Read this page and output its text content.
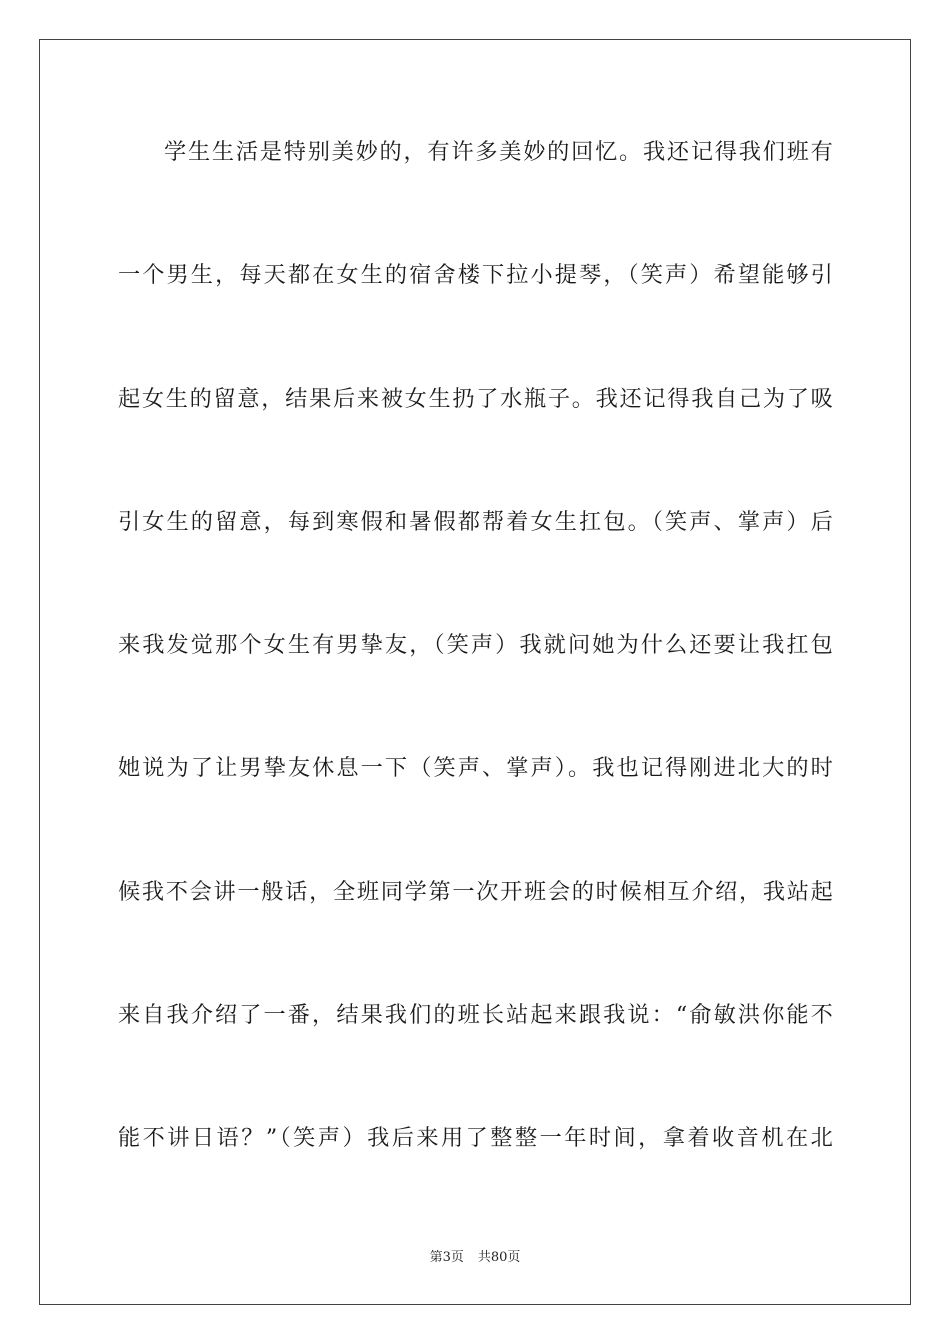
学生生活是特别美妙的，有许多美妙的回忆。我还记得我们班有
一个男生，每天都在女生的宿舍楼下拉小提琴，（笑声）希望能够引
起女生的留意，结果后来被女生扔了水瓶子。我还记得我自己为了吸
引女生的留意，每到寒假和暑假都帮着女生扛包。（笑声、掌声）后
来我发觉那个女生有男挚友，（笑声）我就问她为什么还要让我扛包
她说为了让男挚友休息一下（笑声、掌声）。我也记得刚进北大的时
候我不会讲一般话，全班同学第一次开班会的时候相互介绍，我站起
来自我介绍了一番，结果我们的班长站起来跟我说：“俞敏洪你能不
能不讲日语？”（笑声）我后来用了整整一年时间，拿着收音机在北
第3页 共80页
